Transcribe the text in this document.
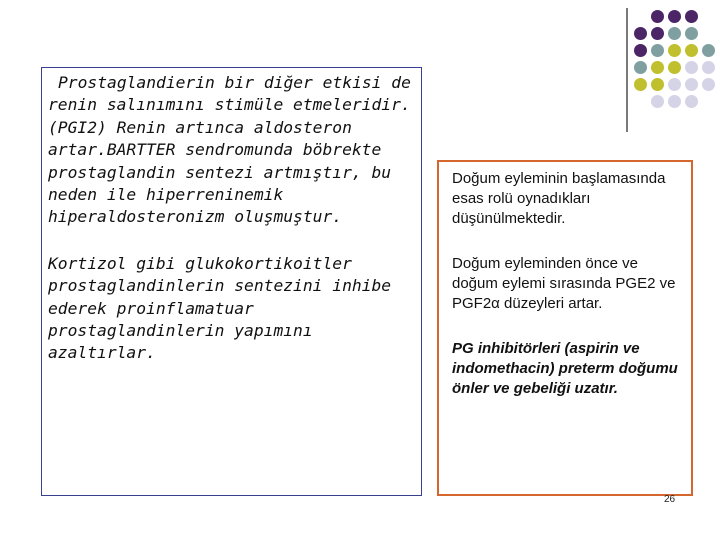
Prostaglandierin bir diğer etkisi de renin salınımını stimüle etmeleridir.(PGI2) Renin artınca aldosteron artar.BARTTER sendromunda böbrekte prostaglandin sentezi artmıştır, bu neden ile hiperreninemik hiperaldosteronizm oluşmuştur.

Kortizol gibi glukokortikoitler prostaglandinlerin sentezini inhibe ederek proinflamatuar prostaglandinlerin yapımını azaltırlar.

Doğum eyleminin başlamasında esas rolü oynadıkları düşünülmektedir.

Doğum eyleminden önce ve doğum eylemi sırasında PGE2 ve PGF2α düzeyleri artar.

PG inhibitörleri (aspirin ve indomethacin) preterm doğumu önler ve gebeliği uzatır.

26
